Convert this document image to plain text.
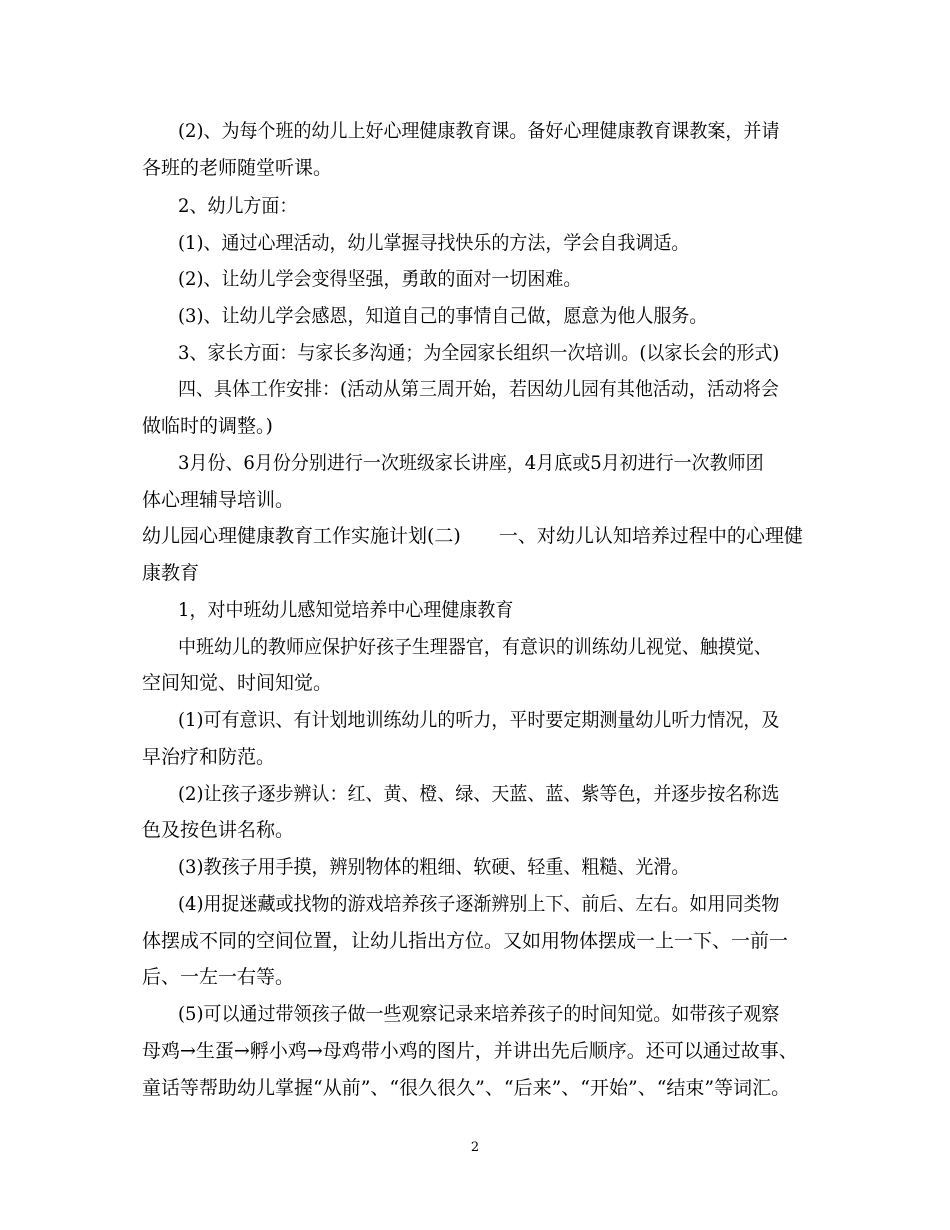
(2)、为每个班的幼儿上好心理健康教育课。备好心理健康教育课教案，并请
各班的老师随堂听课。
2、幼儿方面：
(1)、通过心理活动，幼儿掌握寻找快乐的方法，学会自我调适。
(2)、让幼儿学会变得坚强，勇敢的面对一切困难。
(3)、让幼儿学会感恩，知道自己的事情自己做，愿意为他人服务。
3、家长方面：与家长多沟通；为全园家长组织一次培训。(以家长会的形式)
四、具体工作安排：(活动从第三周开始，若因幼儿园有其他活动，活动将会
做临时的调整。)
3月份、6月份分别进行一次班级家长讲座，4月底或5月初进行一次教师团
体心理辅导培训。
幼儿园心理健康教育工作实施计划(二)　　一、对幼儿认知培养过程中的心理健
康教育
1，对中班幼儿感知觉培养中心理健康教育
中班幼儿的教师应保护好孩子生理器官，有意识的训练幼儿视觉、触摸觉、
空间知觉、时间知觉。
(1)可有意识、有计划地训练幼儿的听力，平时要定期测量幼儿听力情况，及
早治疗和防范。
(2)让孩子逐步辨认：红、黄、橙、绿、天蓝、蓝、紫等色，并逐步按名称选
色及按色讲名称。
(3)教孩子用手摸，辨别物体的粗细、软硬、轻重、粗糙、光滑。
(4)用捉迷藏或找物的游戏培养孩子逐渐辨别上下、前后、左右。如用同类物
体摆成不同的空间位置，让幼儿指出方位。又如用物体摆成一上一下、一前一
后、一左一右等。
(5)可以通过带领孩子做一些观察记录来培养孩子的时间知觉。如带孩子观察
母鸡→生蛋→孵小鸡→母鸡带小鸡的图片，并讲出先后顺序。还可以通过故事、
童话等帮助幼儿掌握“从前”、“很久很久”、“后来”、“开始”、“结束”等词汇。
2
